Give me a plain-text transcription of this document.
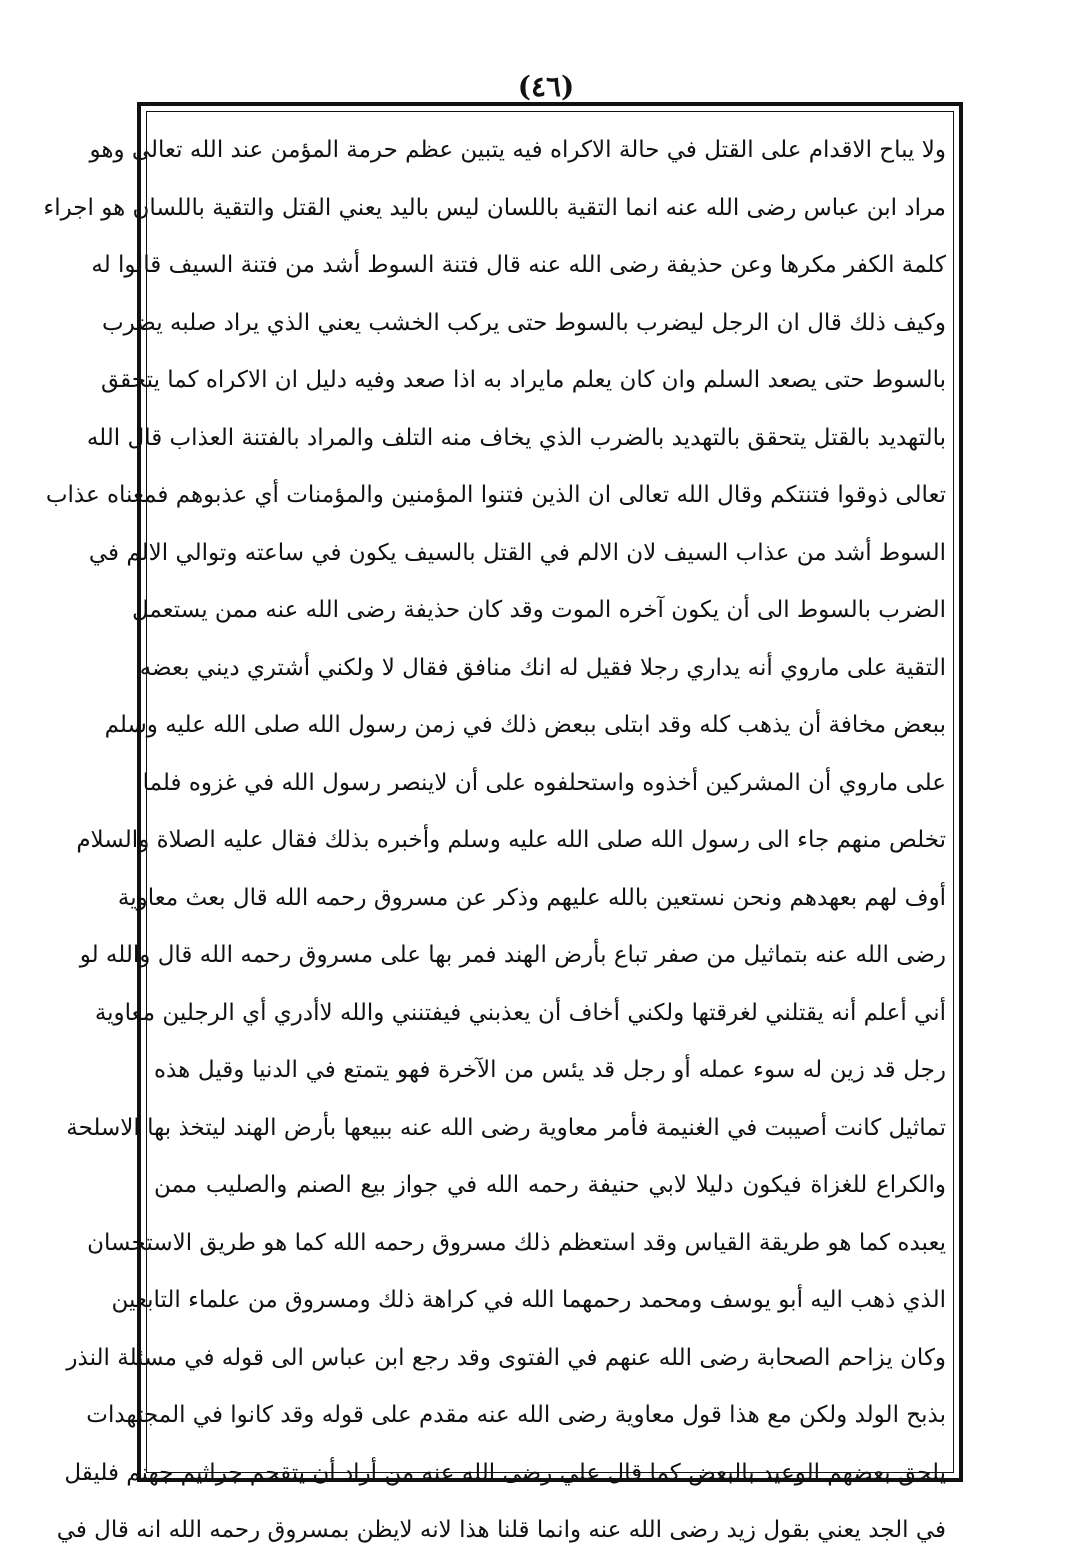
(٤٦)
ولا يباح الاقدام على القتل في حالة الاكراه فيه يتبين عظم حرمة المؤمن عند الله تعالى وهو
مراد ابن عباس رضى الله عنه انما التقية باللسان ليس باليد يعني القتل والتقية باللسان هو اجراء
كلمة الكفر مكرها وعن حذيفة رضى الله عنه قال فتنة السوط أشد من فتنة السيف قالوا له
وكيف ذلك قال ان الرجل ليضرب بالسوط حتى يركب الخشب يعني الذي يراد صلبه يضرب
بالسوط حتى يصعد السلم وان كان يعلم مايراد به اذا صعد وفيه دليل ان الاكراه كما يتحقق
بالتهديد بالقتل يتحقق بالتهديد بالضرب الذي يخاف منه التلف والمراد بالفتنة العذاب قال الله
تعالى ذوقوا فتنتكم وقال الله تعالى ان الذين فتنوا المؤمنين والمؤمنات أي عذبوهم فمعناه عذاب
السوط أشد من عذاب السيف لان الالم في القتل بالسيف يكون في ساعته وتوالي الالم في
الضرب بالسوط الى أن يكون آخره الموت وقد كان حذيفة رضى الله عنه ممن يستعمل
التقية على ماروي أنه يداري رجلا فقيل له انك منافق فقال لا ولكني أشتري ديني بعضه
ببعض مخافة أن يذهب كله وقد ابتلى ببعض ذلك في زمن رسول الله صلى الله عليه وسلم
على ماروي أن المشركين أخذوه واستحلفوه على أن لاينصر رسول الله في غزوه فلما
تخلص منهم جاء الى رسول الله صلى الله عليه وسلم وأخبره بذلك فقال عليه الصلاة والسلام
أوف لهم بعهدهم ونحن نستعين بالله عليهم وذكر عن مسروق رحمه الله قال بعث معاوية
رضى الله عنه بتماثيل من صفر تباع بأرض الهند فمر بها على مسروق رحمه الله قال والله لو
أني أعلم أنه يقتلني لغرقتها ولكني أخاف أن يعذبني فيفتنني والله لاأدري أي الرجلين معاوية
رجل قد زين له سوء عمله أو رجل قد يئس من الآخرة فهو يتمتع في الدنيا وقيل هذه
تماثيل كانت أصيبت في الغنيمة فأمر معاوية رضى الله عنه ببيعها بأرض الهند ليتخذ بها الاسلحة
والكراع للغزاة فيكون دليلا لابي حنيفة رحمه الله في جواز بيع الصنم والصليب ممن
يعبده كما هو طريقة القياس وقد استعظم ذلك مسروق رحمه الله كما هو طريق الاستحسان
الذي ذهب اليه أبو يوسف ومحمد رحمهما الله في كراهة ذلك ومسروق من علماء التابعين
وكان يزاحم الصحابة رضى الله عنهم في الفتوى وقد رجع ابن عباس الى قوله في مسئلة النذر
بذبح الولد ولكن مع هذا قول معاوية رضى الله عنه مقدم على قوله وقد كانوا في المجتهدات
يلحق بعضهم الوعيد بالبعض كما قال علي رضى الله عنه من أراد أن يتقحم جراثيم جهنم فليقل
في الجد يعني بقول زيد رضى الله عنه وانما قلنا هذا لانه لايظن بمسروق رحمه الله انه قال في
